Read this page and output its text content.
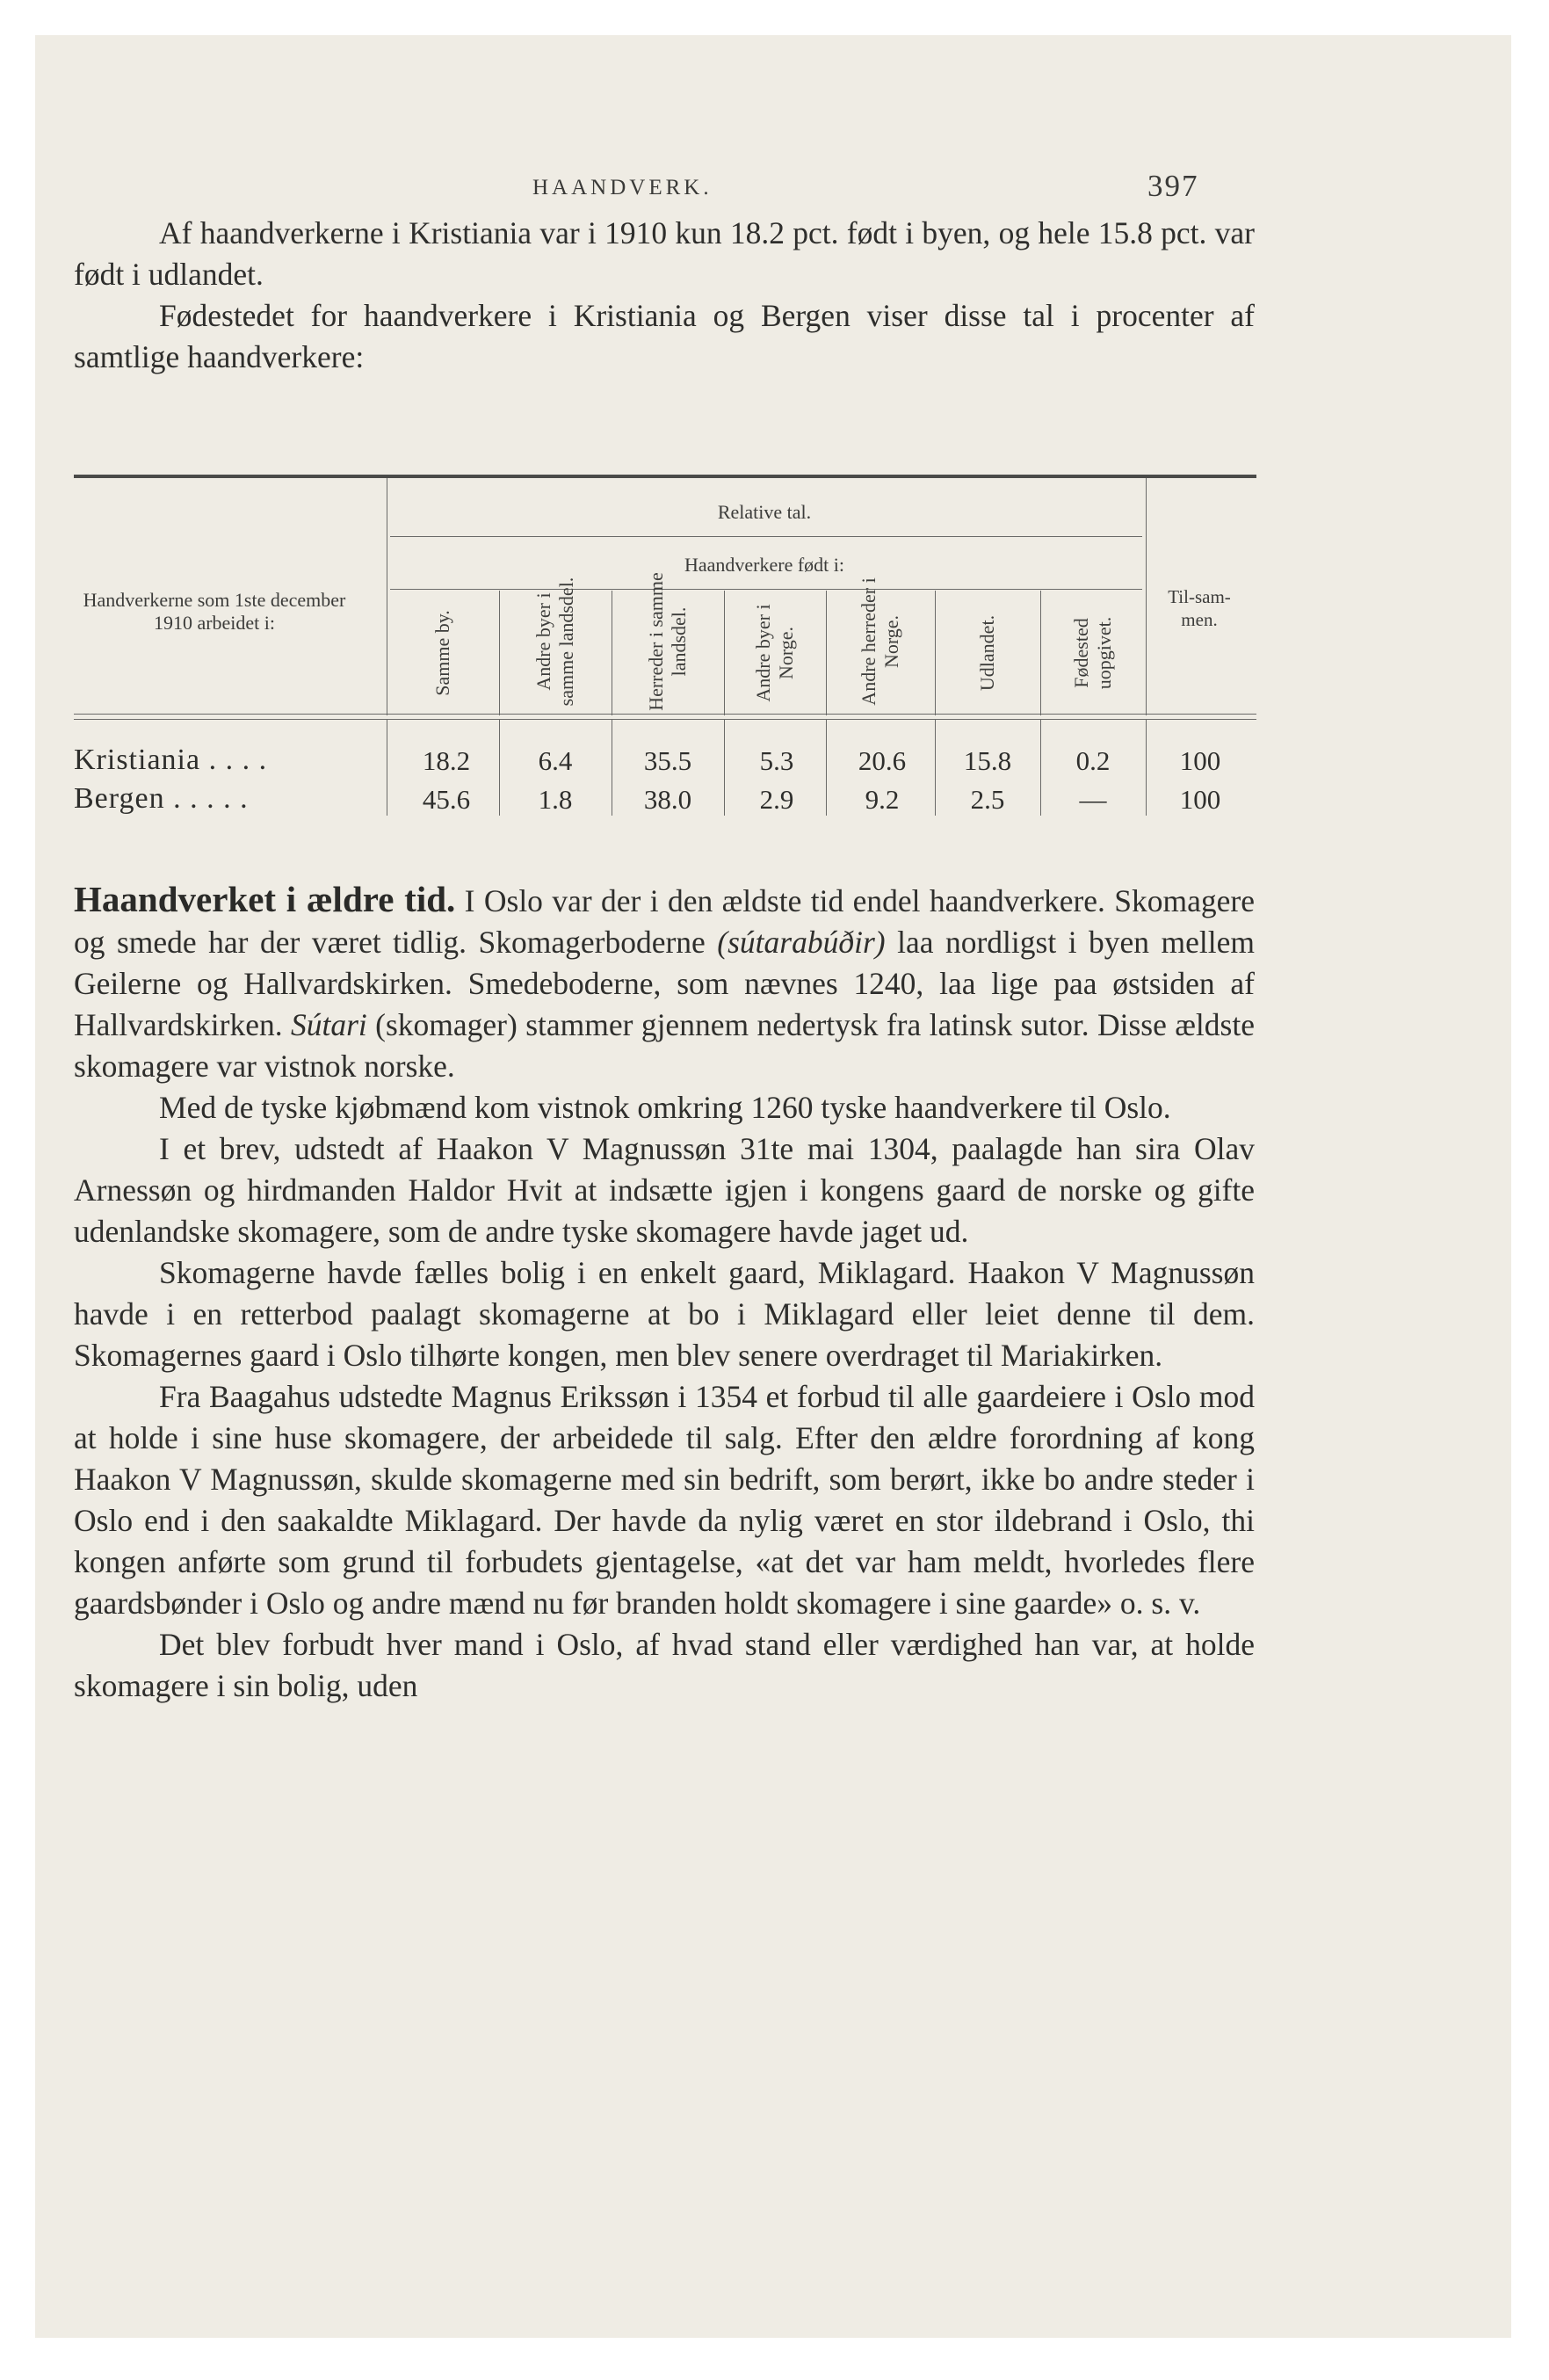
HAANDVERK.	397

Af haandverkerne i Kristiania var i 1910 kun 18.2 pct. født i byen, og hele 15.8 pct. var født i udlandet.

Fødestedet for haandverkere i Kristiania og Bergen viser disse tal i procenter af samtlige haandverkere:

Handverkerne som 1ste december 1910 arbeidet i:
Relative tal.
Haandverkere født i:
Til-sam-men.
Samme by.	Andre byer i samme landsdel.	Herreder i samme landsdel.	Andre byer i Norge.	Andre herreder i Norge.	Udlandet.	Fødested uopgivet.
Kristiania . . . .	18.2	6.4	35.5	5.3	20.6	15.8	0.2	100
Bergen . . . . .	45.6	1.8	38.0	2.9	9.2	2.5	—	100

Haandverket i ældre tid. I Oslo var der i den ældste tid endel haandverkere. Skomagere og smede har der været tidlig. Skomagerboderne (sútarabúðir) laa nordligst i byen mellem Geilerne og Hallvardskirken. Smedeboderne, som nævnes 1240, laa lige paa østsiden af Hallvardskirken. Sútari (skomager) stammer gjennem nedertysk fra latinsk sutor. Disse ældste skomagere var vistnok norske.

Med de tyske kjøbmænd kom vistnok omkring 1260 tyske haandverkere til Oslo.

I et brev, udstedt af Haakon V Magnussøn 31te mai 1304, paalagde han sira Olav Arnessøn og hirdmanden Haldor Hvit at indsætte igjen i kongens gaard de norske og gifte udenlandske skomagere, som de andre tyske skomagere havde jaget ud.

Skomagerne havde fælles bolig i en enkelt gaard, Miklagard. Haakon V Magnussøn havde i en retterbod paalagt skomagerne at bo i Miklagard eller leiet denne til dem. Skomagernes gaard i Oslo tilhørte kongen, men blev senere overdraget til Mariakirken.

Fra Baagahus udstedte Magnus Erikssøn i 1354 et forbud til alle gaardeiere i Oslo mod at holde i sine huse skomagere, der arbeidede til salg. Efter den ældre forordning af kong Haakon V Magnussøn, skulde skomagerne med sin bedrift, som berørt, ikke bo andre steder i Oslo end i den saakaldte Miklagard. Der havde da nylig været en stor ildebrand i Oslo, thi kongen anførte som grund til forbudets gjentagelse, «at det var ham meldt, hvorledes flere gaardsbønder i Oslo og andre mænd nu før branden holdt skomagere i sine gaarde» o. s. v.

Det blev forbudt hver mand i Oslo, af hvad stand eller værdighed han var, at holde skomagere i sin bolig, uden
